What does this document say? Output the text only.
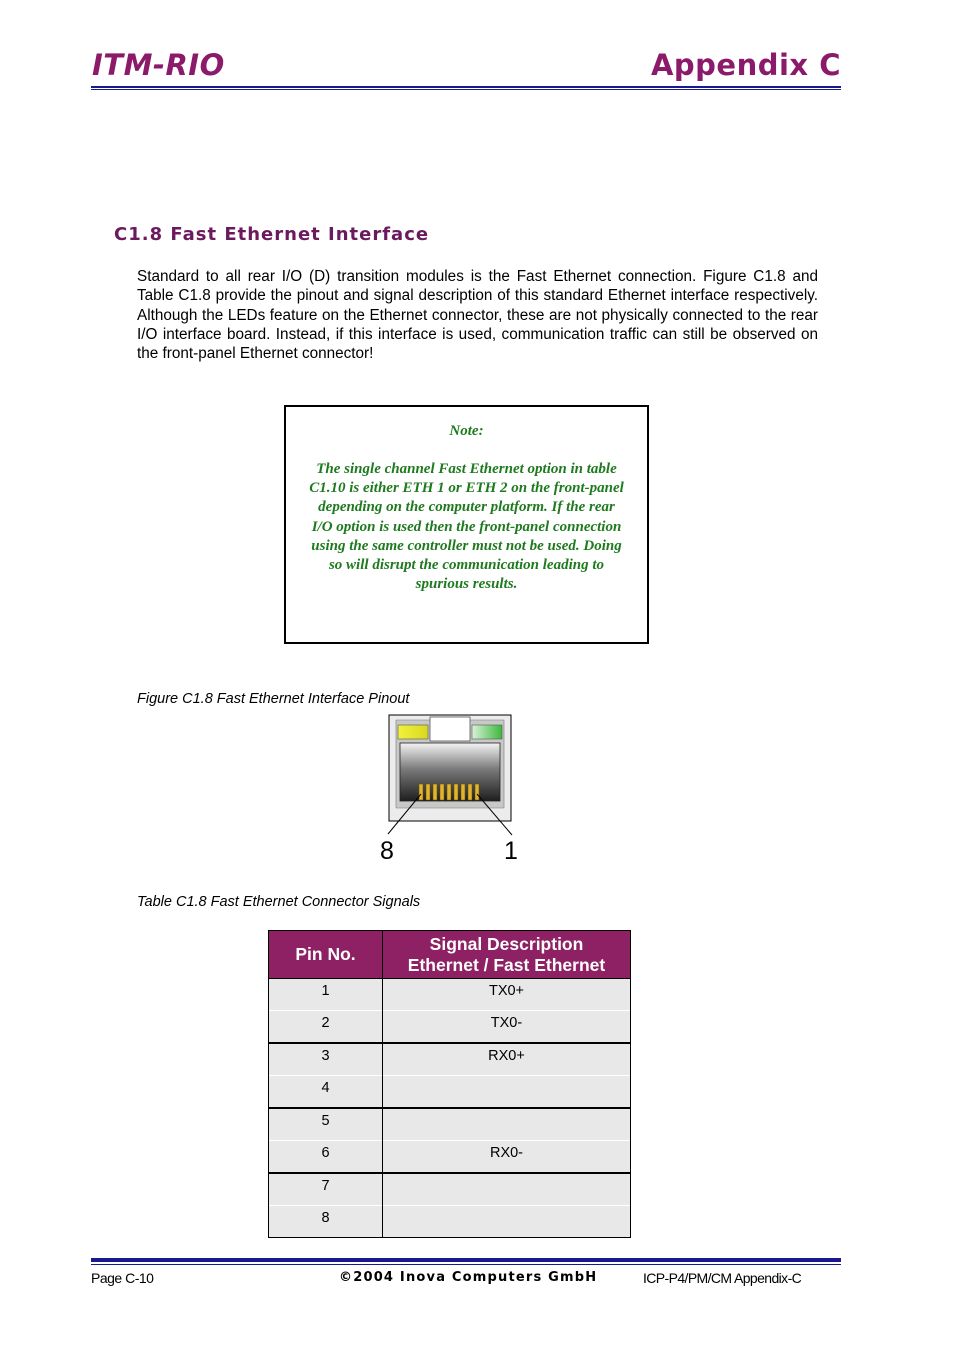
ITM-RIO	Appendix C
C1.8 Fast Ethernet Interface
Standard to all rear I/O (D) transition modules is the Fast Ethernet connection. Figure C1.8 and Table C1.8 provide the pinout and signal description of this standard Ethernet interface respectively. Although the LEDs feature on the Ethernet connector, these are not physically connected to the rear I/O interface board. Instead, if this interface is used, communication traffic can still be observed on the front-panel Ethernet connector!
Note:
The single channel Fast Ethernet option in table C1.10 is either ETH 1 or ETH 2 on the front-panel depending on the computer platform. If the rear I/O option is used then the front-panel connection using the same controller must not be used. Doing so will disrupt the communication leading to spurious results.
Figure C1.8 Fast Ethernet Interface Pinout
8	1
Table C1.8 Fast Ethernet Connector Signals
Pin No.	Signal Description
Ethernet / Fast Ethernet

1	TX0+
2	TX0-
3	RX0+
4	
5	
6	RX0-
7	
8	
Page C-10	©2004 Inova Computers GmbH	ICP-P4/PM/CM Appendix-C
